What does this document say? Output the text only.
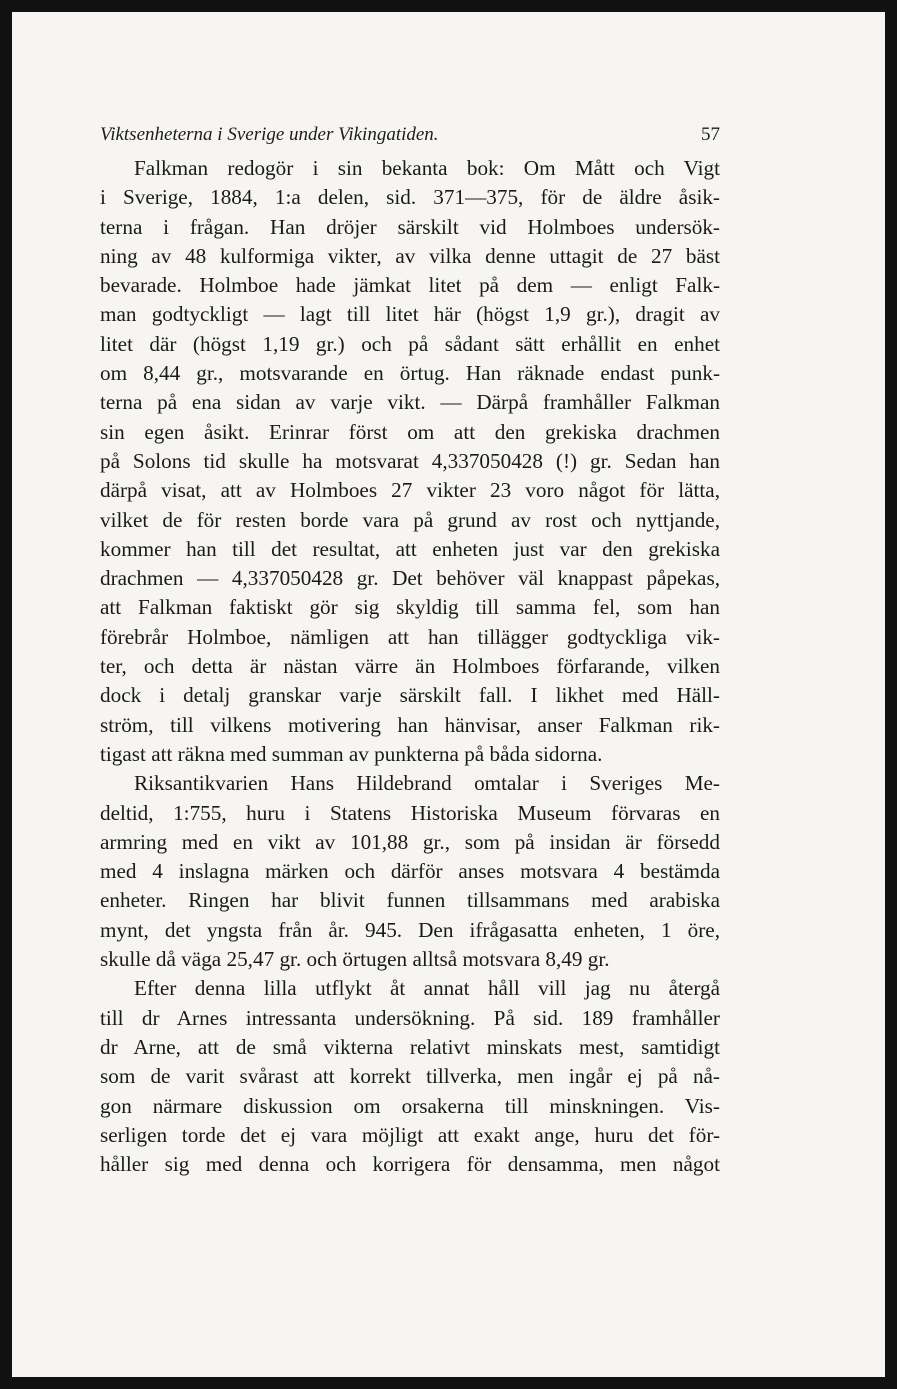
Viktsenheterna i Sverige under Vikingatiden.	57
Falkman redogör i sin bekanta bok: Om Mått och Vigt
i Sverige, 1884, 1:a delen, sid. 371—375, för de äldre åsik-
terna i frågan. Han dröjer särskilt vid Holmboes undersök-
ning av 48 kulformiga vikter, av vilka denne uttagit de 27 bäst
bevarade. Holmboe hade jämkat litet på dem — enligt Falk-
man godtyckligt — lagt till litet här (högst 1,9 gr.), dragit av
litet där (högst 1,19 gr.) och på sådant sätt erhållit en enhet
om 8,44 gr., motsvarande en örtug. Han räknade endast punk-
terna på ena sidan av varje vikt. — Därpå framhåller Falkman
sin egen åsikt. Erinrar först om att den grekiska drachmen
på Solons tid skulle ha motsvarat 4,337050428 (!) gr. Sedan han
därpå visat, att av Holmboes 27 vikter 23 voro något för lätta,
vilket de för resten borde vara på grund av rost och nyttjande,
kommer han till det resultat, att enheten just var den grekiska
drachmen — 4,337050428 gr. Det behöver väl knappast påpekas,
att Falkman faktiskt gör sig skyldig till samma fel, som han
förebrår Holmboe, nämligen att han tillägger godtyckliga vik-
ter, och detta är nästan värre än Holmboes förfarande, vilken
dock i detalj granskar varje särskilt fall. I likhet med Häll-
ström, till vilkens motivering han hänvisar, anser Falkman rik-
tigast att räkna med summan av punkterna på båda sidorna.
Riksantikvarien Hans Hildebrand omtalar i Sveriges Me-
deltid, 1:755, huru i Statens Historiska Museum förvaras en
armring med en vikt av 101,88 gr., som på insidan är försedd
med 4 inslagna märken och därför anses motsvara 4 bestämda
enheter. Ringen har blivit funnen tillsammans med arabiska
mynt, det yngsta från år. 945. Den ifrågasatta enheten, 1 öre,
skulle då väga 25,47 gr. och örtugen alltså motsvara 8,49 gr.
Efter denna lilla utflykt åt annat håll vill jag nu återgå
till dr Arnes intressanta undersökning. På sid. 189 framhåller
dr Arne, att de små vikterna relativt minskats mest, samtidigt
som de varit svårast att korrekt tillverka, men ingår ej på nå-
gon närmare diskussion om orsakerna till minskningen. Vis-
serligen torde det ej vara möjligt att exakt ange, huru det för-
håller sig med denna och korrigera för densamma, men något
